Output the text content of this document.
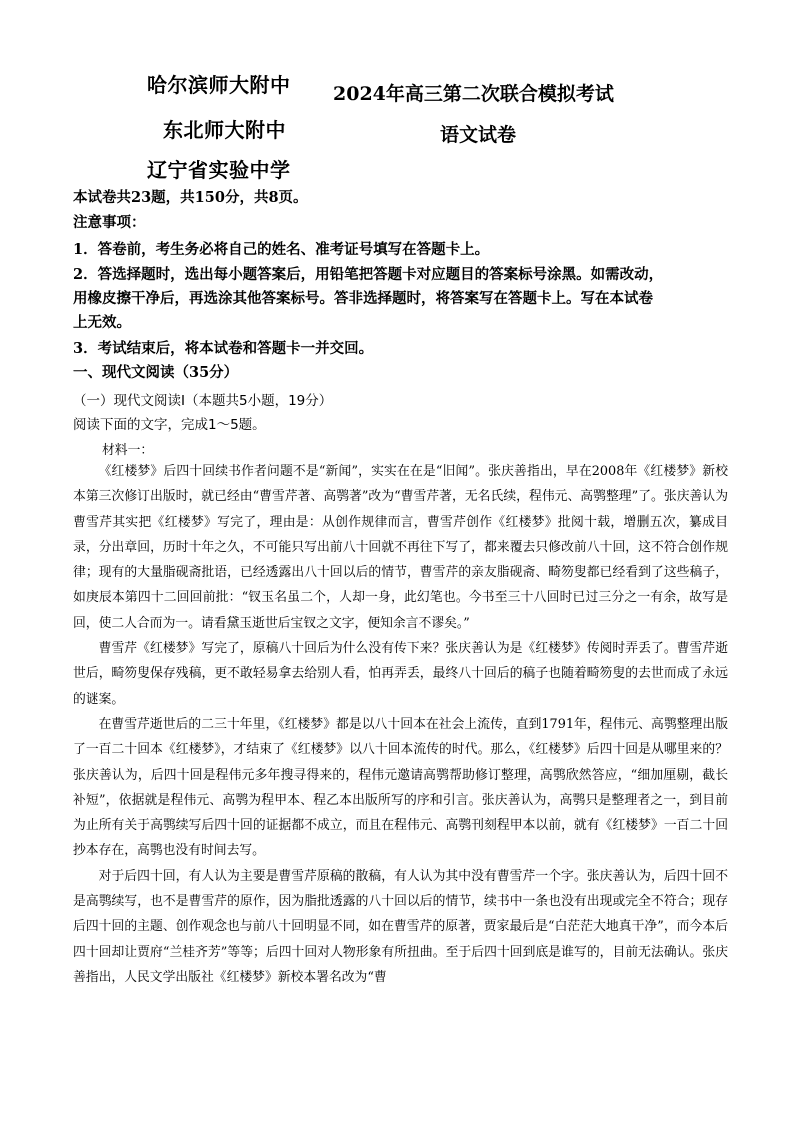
哈尔滨师大附中
东北师大附中
辽宁省实验中学
2024年高三第二次联合模拟考试
语文试卷
本试卷共23题，共150分，共8页。
注意事项：
1．答卷前，考生务必将自己的姓名、准考证号填写在答题卡上。
2．答选择题时，选出每小题答案后，用铅笔把答题卡对应题目的答案标号涂黑。如需改动，
用橡皮擦干净后，再选涂其他答案标号。答非选择题时，将答案写在答题卡上。写在本试卷
上无效。
3．考试结束后，将本试卷和答题卡一并交回。
一、现代文阅读（35分）
（一）现代文阅读Ⅰ（本题共5小题，19分）
阅读下面的文字，完成1～5题。
材料一：

《红楼梦》后四十回续书作者问题不是“新闻”，实实在在是“旧闻”。张庆善指出，早在2008年《红楼梦》新校本第三次修订出版时，就已经由“曹雪芹著、高鹗著”改为“曹雪芹著，无名氏续，程伟元、高鹗整理”了。张庆善认为曹雪芹其实把《红楼梦》写完了，理由是：从创作规律而言，曹雪芹创作《红楼梦》批阅十载，增删五次，纂成目录，分出章回，历时十年之久，不可能只写出前八十回就不再往下写了，都来覆去只修改前八十回，这不符合创作规律；现有的大量脂砚斋批语，已经透露出八十回以后的情节，曹雪芹的亲友脂砚斋、畸笏叟都已经看到了这些稿子，如庚辰本第四十二回回前批：“钗玉名虽二个，人却一身，此幻笔也。今书至三十八回时已过三分之一有余，故写是回，使二人合而为一。请看黛玉逝世后宝钗之文字，便知余言不谬矣。”

曹雪芹《红楼梦》写完了，原稿八十回后为什么没有传下来？张庆善认为是《红楼梦》传阅时弄丢了。曹雪芹逝世后，畸笏叟保存残稿，更不敢轻易拿去给别人看，怕再弄丢，最终八十回后的稿子也随着畸笏叟的去世而成了永远的谜案。

在曹雪芹逝世后的二三十年里，《红楼梦》都是以八十回本在社会上流传，直到1791年，程伟元、高鹗整理出版了一百二十回本《红楼梦》，才结束了《红楼梦》以八十回本流传的时代。那么，《红楼梦》后四十回是从哪里来的？张庆善认为，后四十回是程伟元多年搜寻得来的，程伟元邀请高鹗帮助修订整理，高鹗欣然答应，“细加厘剔，截长补短”，依据就是程伟元、高鹗为程甲本、程乙本出版所写的序和引言。张庆善认为，高鹗只是整理者之一，到目前为止所有关于高鹗续写后四十回的证据都不成立，而且在程伟元、高鹗刊刻程甲本以前，就有《红楼梦》一百二十回抄本存在，高鹗也没有时间去写。

对于后四十回，有人认为主要是曹雪芹原稿的散稿，有人认为其中没有曹雪芹一个字。张庆善认为，后四十回不是高鹗续写，也不是曹雪芹的原作，因为脂批透露的八十回以后的情节，续书中一条也没有出现或完全不符合；现存后四十回的主题、创作观念也与前八十回明显不同，如在曹雪芹的原著，贾家最后是“白茫茫大地真干净”，而今本后四十回却让贾府“兰桂齐芳”等等；后四十回对人物形象有所扭曲。至于后四十回到底是谁写的，目前无法确认。张庆善指出，人民文学出版社《红楼梦》新校本署名改为“曹
